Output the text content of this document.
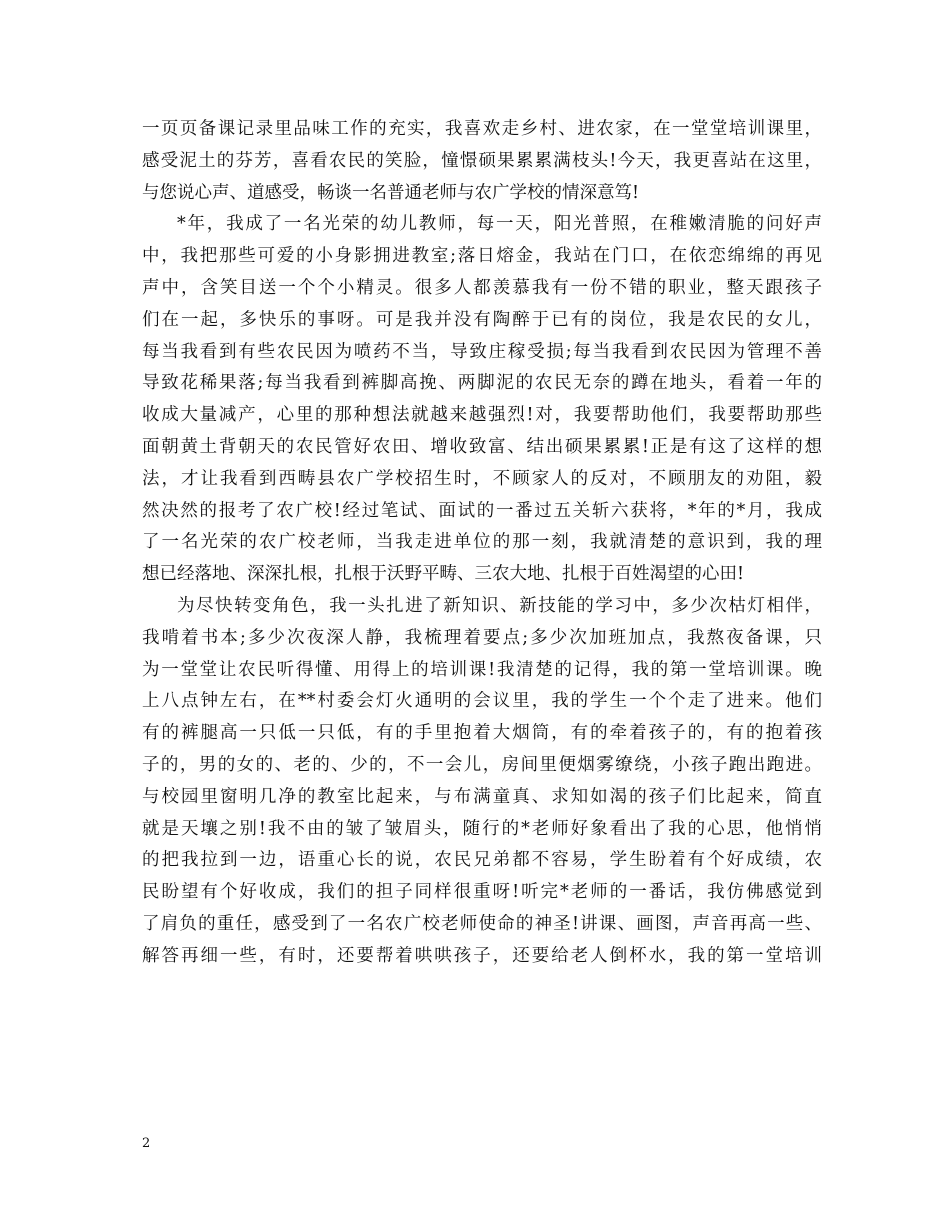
一页页备课记录里品味工作的充实，我喜欢走乡村、进农家，在一堂堂培训课里，
感受泥土的芬芳，喜看农民的笑脸，憧憬硕果累累满枝头!今天，我更喜站在这里，
与您说心声、道感受，畅谈一名普通老师与农广学校的情深意笃!
*年，我成了一名光荣的幼儿教师，每一天，阳光普照，在稚嫩清脆的问好声
中，我把那些可爱的小身影拥进教室;落日熔金，我站在门口，在依恋绵绵的再见
声中，含笑目送一个个小精灵。很多人都羡慕我有一份不错的职业，整天跟孩子
们在一起，多快乐的事呀。可是我并没有陶醉于已有的岗位，我是农民的女儿，
每当我看到有些农民因为喷药不当，导致庄稼受损;每当我看到农民因为管理不善
导致花稀果落;每当我看到裤脚高挽、两脚泥的农民无奈的蹲在地头，看着一年的
收成大量减产，心里的那种想法就越来越强烈!对，我要帮助他们，我要帮助那些
面朝黄土背朝天的农民管好农田、增收致富、结出硕果累累!正是有这了这样的想
法，才让我看到西畴县农广学校招生时，不顾家人的反对，不顾朋友的劝阻，毅
然决然的报考了农广校!经过笔试、面试的一番过五关斩六获将，*年的*月，我成
了一名光荣的农广校老师，当我走进单位的那一刻，我就清楚的意识到，我的理
想已经落地、深深扎根，扎根于沃野平畴、三农大地、扎根于百姓渴望的心田!
为尽快转变角色，我一头扎进了新知识、新技能的学习中，多少次枯灯相伴，
我啃着书本;多少次夜深人静，我梳理着要点;多少次加班加点，我熬夜备课，只
为一堂堂让农民听得懂、用得上的培训课!我清楚的记得，我的第一堂培训课。晚
上八点钟左右，在**村委会灯火通明的会议里，我的学生一个个走了进来。他们
有的裤腿高一只低一只低，有的手里抱着大烟筒，有的牵着孩子的，有的抱着孩
子的，男的女的、老的、少的，不一会儿，房间里便烟雾缭绕，小孩子跑出跑进。
与校园里窗明几净的教室比起来，与布满童真、求知如渴的孩子们比起来，简直
就是天壤之别!我不由的皱了皱眉头，随行的*老师好象看出了我的心思，他悄悄
的把我拉到一边，语重心长的说，农民兄弟都不容易，学生盼着有个好成绩，农
民盼望有个好收成，我们的担子同样很重呀!听完*老师的一番话，我仿佛感觉到
了肩负的重任，感受到了一名农广校老师使命的神圣!讲课、画图，声音再高一些、
解答再细一些，有时，还要帮着哄哄孩子，还要给老人倒杯水，我的第一堂培训
2
